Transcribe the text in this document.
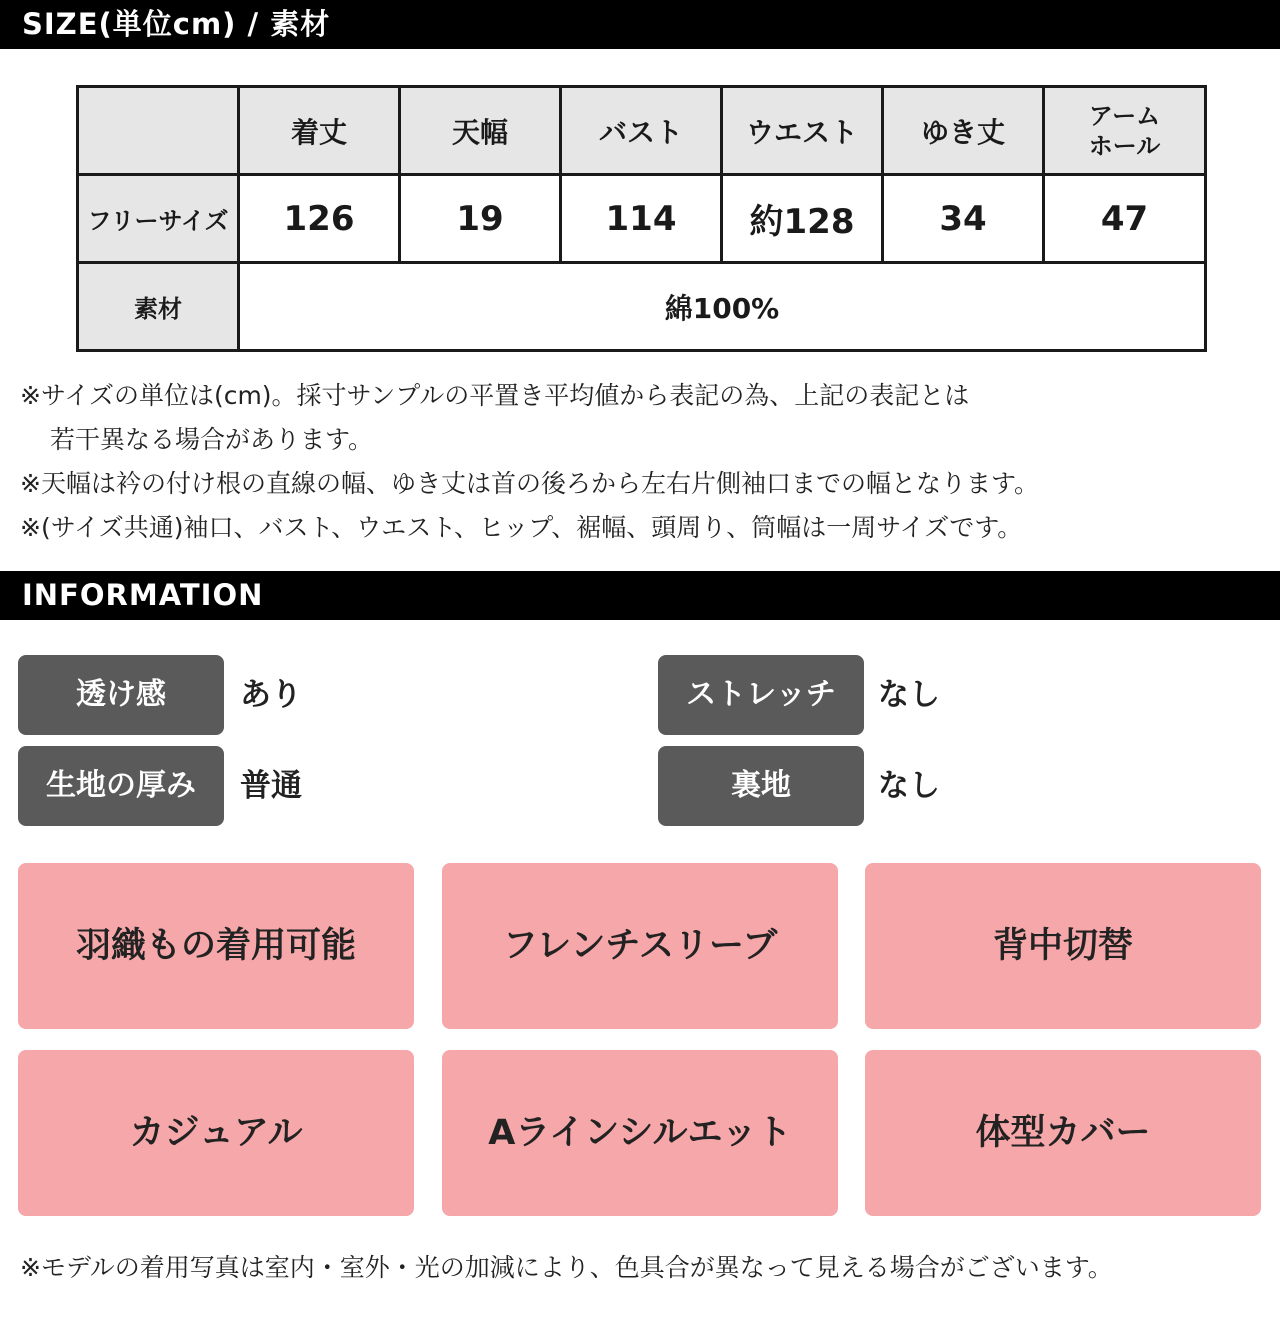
SIZE(単位cm) / 素材
	着丈	天幅	バスト	ウエスト	ゆき丈	アーム
ホール

フリーサイズ	126	19	114	約128	34	47
素材	綿100%					
※サイズの単位は(cm)。採寸サンプルの平置き平均値から表記の為、上記の表記とは
若干異なる場合があります。
※天幅は衿の付け根の直線の幅、ゆき丈は首の後ろから左右片側袖口までの幅となります。
※(サイズ共通)袖口、バスト、ウエスト、ヒップ、裾幅、頭周り、筒幅は一周サイズです。
INFORMATION
透け感	あり	ストレッチ	なし
生地の厚み	普通	裏地	なし
羽織もの着用可能	フレンチスリーブ	背中切替
カジュアル	Aラインシルエット	体型カバー
※モデルの着用写真は室内・室外・光の加減により、色具合が異なって見える場合がございます。
